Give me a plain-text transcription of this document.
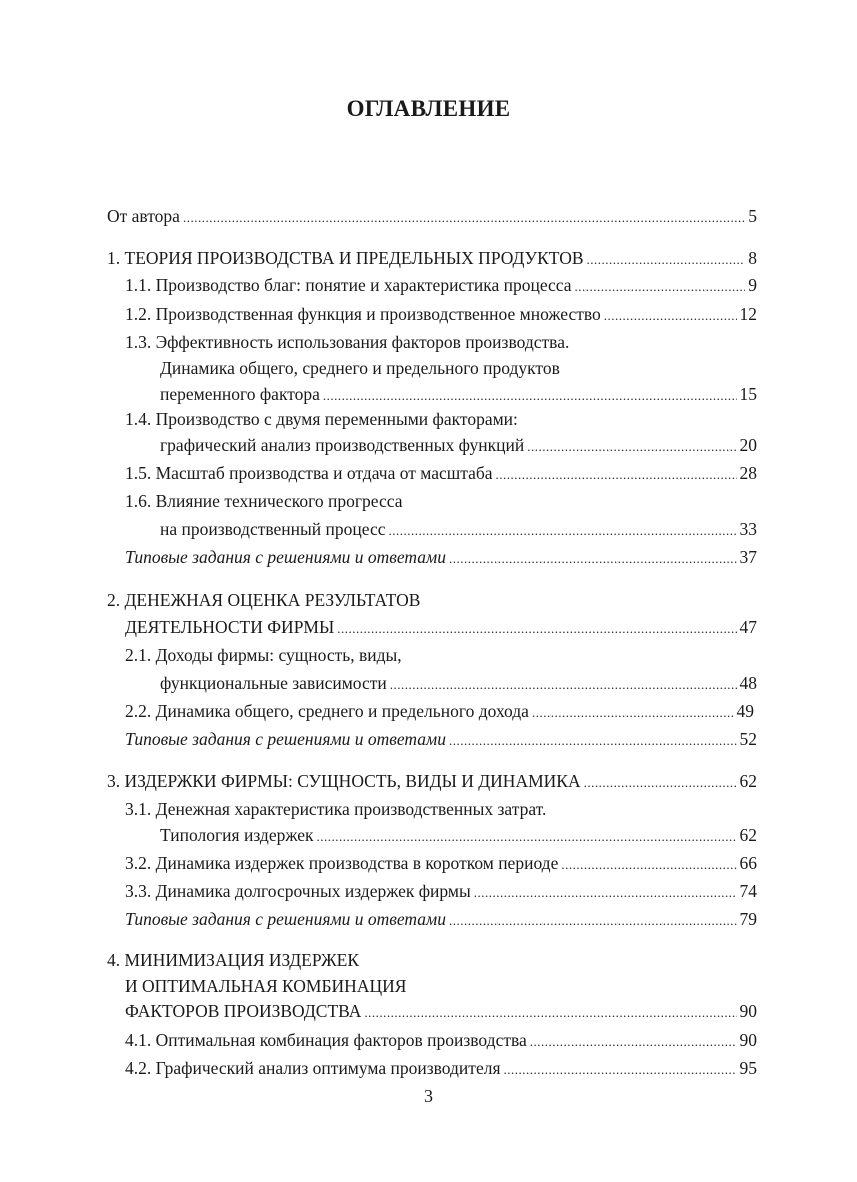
ОГЛАВЛЕНИЕ
От автора .....	5
1. ТЕОРИЯ ПРОИЗВОДСТВА И ПРЕДЕЛЬНЫХ ПРОДУКТОВ .....	8
1.1. Производство благ: понятие и характеристика процесса .....	9
1.2. Производственная функция и производственное множество .....	12
1.3. Эффективность использования факторов производства.
Динамика общего, среднего и предельного продуктов
переменного фактора .....	15
1.4. Производство с двумя переменными факторами:
графический анализ производственных функций .....	20
1.5. Масштаб производства и отдача от масштаба .....	28
1.6. Влияние технического прогресса
на производственный процесс .....	33
Типовые задания с решениями и ответами .....	37
2. ДЕНЕЖНАЯ ОЦЕНКА РЕЗУЛЬТАТОВ
ДЕЯТЕЛЬНОСТИ ФИРМЫ .....	47
2.1. Доходы фирмы: сущность, виды,
функциональные зависимости .....	48
2.2. Динамика общего, среднего и предельного дохода .....	49
Типовые задания с решениями и ответами .....	52
3. ИЗДЕРЖКИ ФИРМЫ: СУЩНОСТЬ, ВИДЫ И ДИНАМИКА .....	62
3.1. Денежная характеристика производственных затрат.
Типология издержек .....	62
3.2. Динамика издержек производства в коротком периоде .....	66
3.3. Динамика долгосрочных издержек фирмы .....	74
Типовые задания с решениями и ответами .....	79
4. МИНИМИЗАЦИЯ ИЗДЕРЖЕК
И ОПТИМАЛЬНАЯ КОМБИНАЦИЯ
ФАКТОРОВ ПРОИЗВОДСТВА .....	90
4.1. Оптимальная комбинация факторов производства .....	90
4.2. Графический анализ оптимума производителя .....	95
3
